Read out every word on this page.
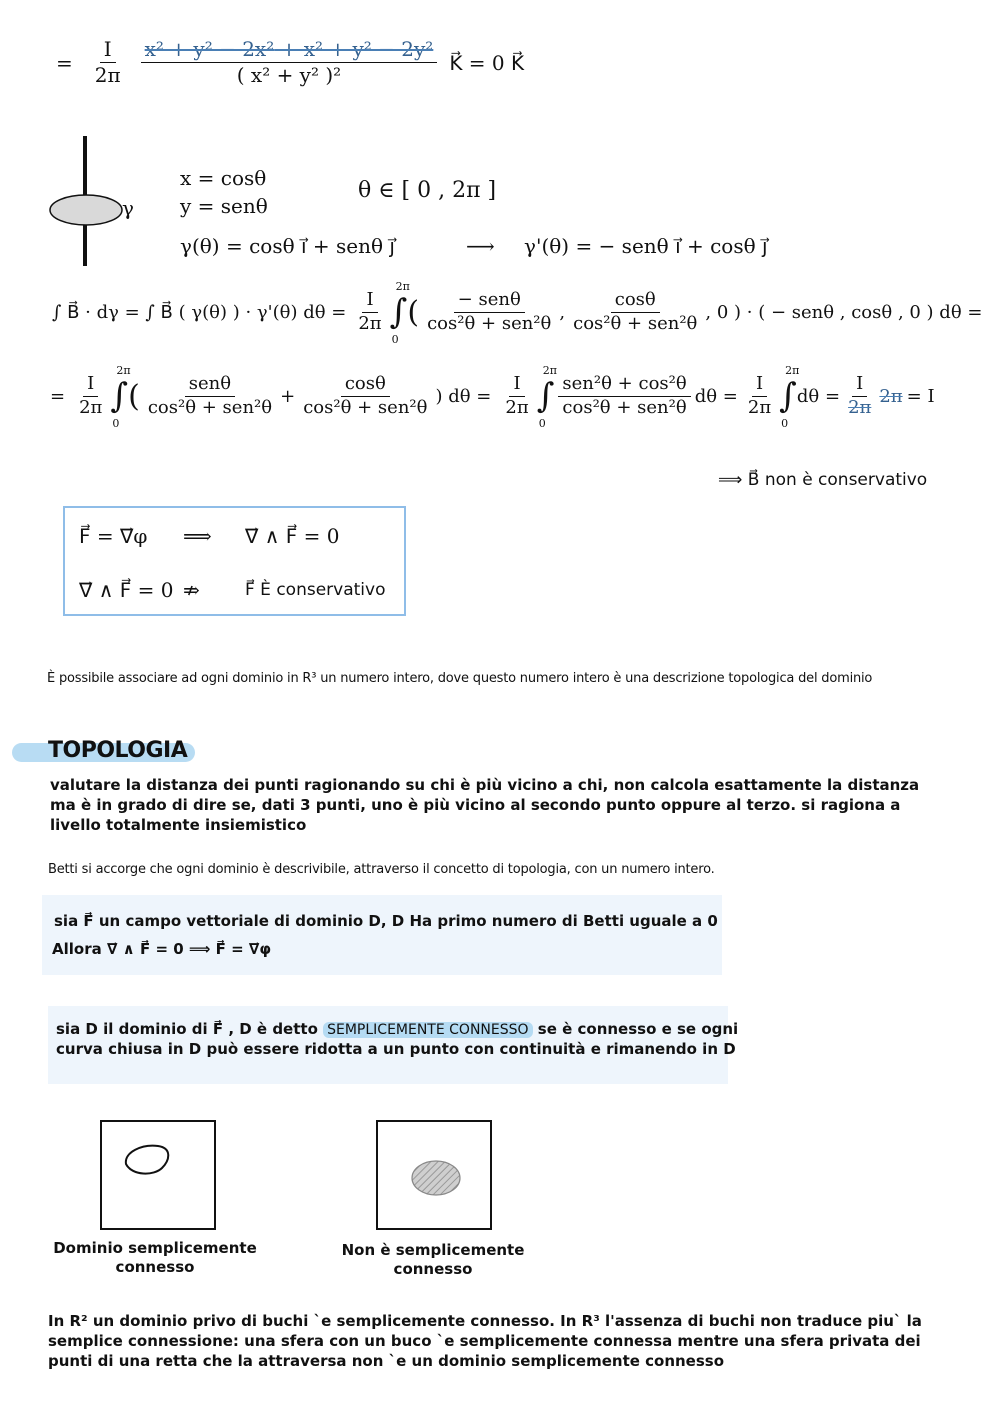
= $\frac{I}{2\pi} \frac{\text{x² + y² − 2x² + x² + y² − 2y²}}{\text{( x² + y² )²}}$ K⃗ = 0 K⃗
γ
x = cosθ
y = senθ
θ ∈ [ 0 , 2π ]
γ(θ) = cosθ i⃗ + senθ j⃗	⟶ γ'(θ) = − senθ i⃗ + cosθ j⃗
∫ B⃗ · dγ = ∫ B⃗ ( γ(θ) ) · γ'(θ) $d\theta = \frac{I}{2\pi}$ ∫
2π
0
( $\frac{\text{− senθ}}{\text{cos²θ + sen²θ}}$ , $\frac{\cos\theta}{\text{cos²θ + sen²θ}}$ , 0 ) · ( − senθ , cosθ , 0 ) dθ =
= $\frac{I}{2\pi}$ ∫
2π
0
( $\frac{\text{senθ}}{\text{cos²θ + sen²θ}} + \frac{\cos\theta}{\text{cos²θ + sen²θ}}$ ) $d\theta = \frac{I}{2\pi}$ ∫
2π
0
$\frac{\text{sen²θ + cos²θ}}{\text{cos²θ + sen²θ}}$ $d\theta = \frac{I}{2\pi}$ ∫
2π
0
$d\theta = \frac{I}{2\pi} 2\pi = I$
⟹ B⃗ non è conservativo
F⃗ = ∇⃗φ ⟹ ∇⃗ ∧ F⃗ = 0
∇⃗ ∧ F⃗ = 0 ⇏	F⃗ È conservativo
È possibile associare ad ogni dominio in R³ un numero intero, dove questo numero intero è una descrizione topologica del dominio
TOPOLOGIA
valutare la distanza dei punti ragionando su chi è più vicino a chi, non calcola esattamente la distanza ma è in grado di dire se, dati 3 punti, uno è più vicino al secondo punto oppure al terzo. si ragiona a livello totalmente insiemistico
Betti si accorge che ogni dominio è descrivibile, attraverso il concetto di topologia, con un numero intero.
sia F⃗ un campo vettoriale di dominio D, D Ha primo numero di Betti uguale a 0
Allora ∇⃗ ∧ F⃗ = 0 ⟹ F⃗ = ∇⃗φ
sia D il dominio di F⃗ , D è detto SEMPLICEMENTE CONNESSO se è connesso e se ogni
curva chiusa in D può essere ridotta a un punto con continuità e rimanendo in D
Dominio semplicemente
connesso
Non è semplicemente
connesso
In R² un dominio privo di buchi `e semplicemente connesso. In R³ l'assenza di buchi non traduce piu` la semplice connessione: una sfera con un buco `e semplicemente connessa mentre una sfera privata dei punti di una retta che la attraversa non `e un dominio semplicemente connesso
